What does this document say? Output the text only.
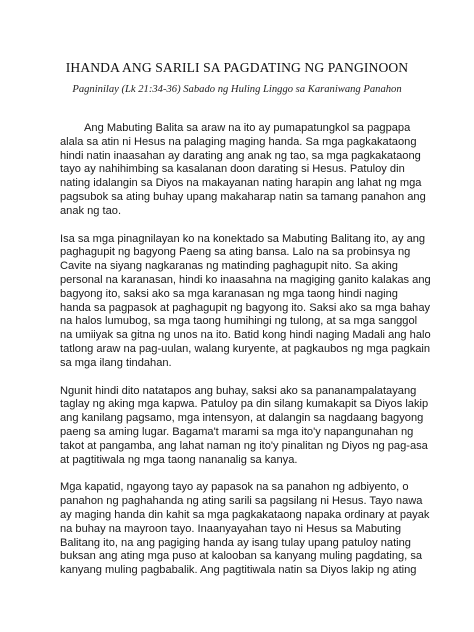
IHANDA ANG SARILI SA PAGDATING NG PANGINOON
Pagninilay (Lk 21:34-36) Sabado ng Huling Linggo sa Karaniwang Panahon

Ang Mabuting Balita sa araw na ito ay pumapatungkol sa pagpapa
alala sa atin ni Hesus na palaging maging handa. Sa mga pagkakataong
hindi natin inaasahan ay darating ang anak ng tao, sa mga pagkakataong
tayo ay nahihimbing sa kasalanan doon darating si Hesus. Patuloy din
nating idalangin sa Diyos na makayanan nating harapin ang lahat ng mga
pagsubok sa ating buhay upang makaharap natin sa tamang panahon ang
anak ng tao.

Isa sa mga pinagnilayan ko na konektado sa Mabuting Balitang ito, ay ang
paghagupit ng bagyong Paeng sa ating bansa. Lalo na sa probinsya ng
Cavite na siyang nagkaranas ng matinding paghagupit nito. Sa aking
personal na karanasan, hindi ko inaasahna na magiging ganito kalakas ang
bagyong ito, saksi ako sa mga karanasan ng mga taong hindi naging
handa sa pagpasok at paghagupit ng bagyong ito. Saksi ako sa mga bahay
na halos lumubog, sa mga taong humihingi ng tulong, at sa mga sanggol
na umiiyak sa gitna ng unos na ito. Batid kong hindi naging Madali ang halo
tatlong araw na pag-uulan, walang kuryente, at pagkaubos ng mga pagkain
sa mga ilang tindahan.

Ngunit hindi dito natatapos ang buhay, saksi ako sa pananampalatayang
taglay ng aking mga kapwa. Patuloy pa din silang kumakapit sa Diyos lakip
ang kanilang pagsamo, mga intensyon, at dalangin sa nagdaang bagyong
paeng sa aming lugar. Bagama't marami sa mga ito'y napangunahan ng
takot at pangamba, ang lahat naman ng ito'y pinalitan ng Diyos ng pag-asa
at pagtitiwala ng mga taong nananalig sa kanya.

Mga kapatid, ngayong tayo ay papasok na sa panahon ng adbiyento, o
panahon ng paghahanda ng ating sarili sa pagsilang ni Hesus. Tayo nawa
ay maging handa din kahit sa mga pagkakataong napaka ordinary at payak
na buhay na mayroon tayo. Inaanyayahan tayo ni Hesus sa Mabuting
Balitang ito, na ang pagiging handa ay isang tulay upang patuloy nating
buksan ang ating mga puso at kalooban sa kanyang muling pagdating, sa
kanyang muling pagbabalik. Ang pagtitiwala natin sa Diyos lakip ng ating
